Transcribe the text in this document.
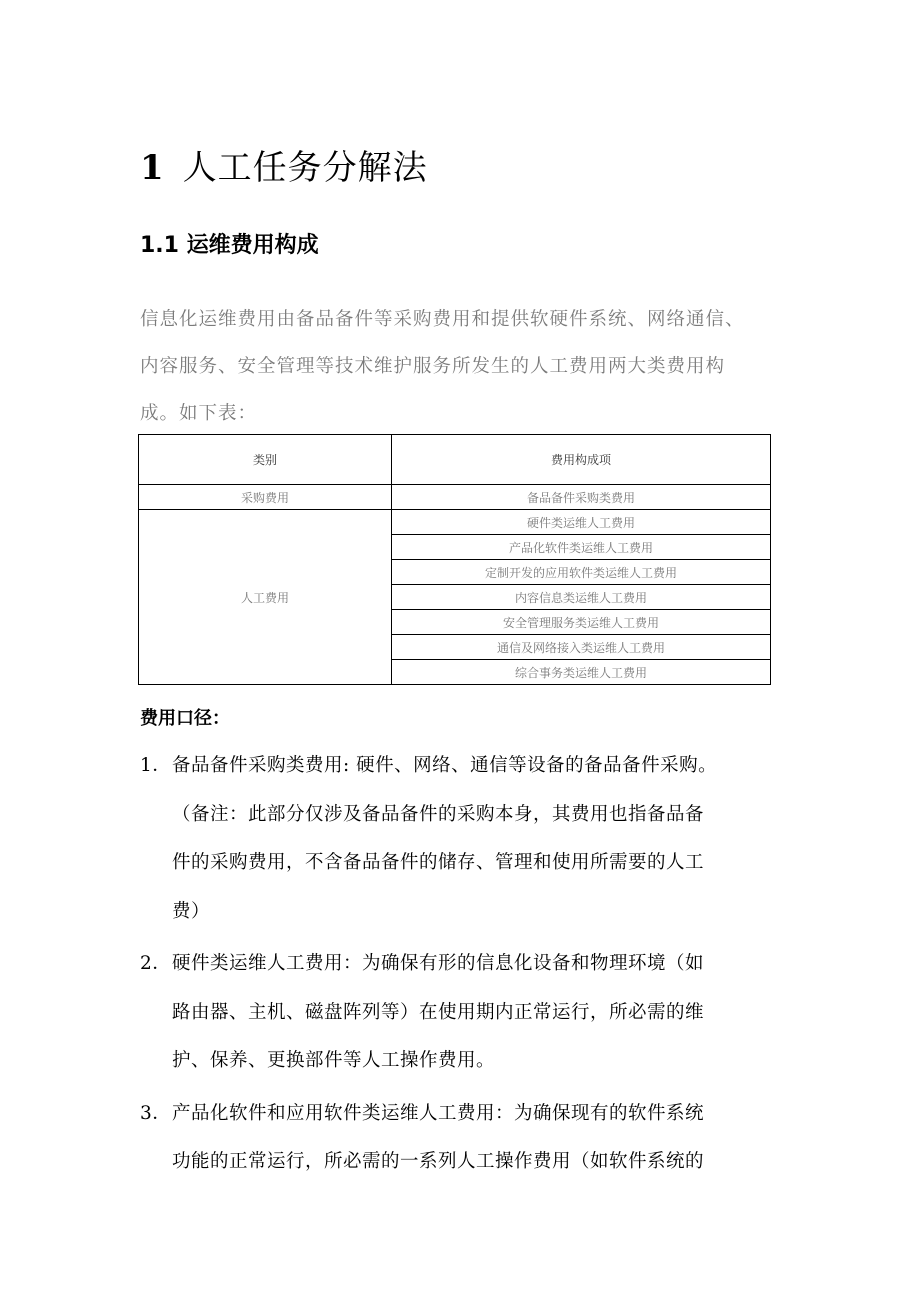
1 人工任务分解法
1.1 运维费用构成
信息化运维费用由备品备件等采购费用和提供软硬件系统、网络通信、
内容服务、安全管理等技术维护服务所发生的人工费用两大类费用构
成。如下表：
类别	费用构成项
采购费用	备品备件采购类费用
人工费用	硬件类运维人工费用
	产品化软件类运维人工费用
	定制开发的应用软件类运维人工费用
	内容信息类运维人工费用
	安全管理服务类运维人工费用
	通信及网络接入类运维人工费用
	综合事务类运维人工费用
费用口径：
1． 备品备件采购类费用: 硬件、网络、通信等设备的备品备件采购。
（备注：此部分仅涉及备品备件的采购本身，其费用也指备品备
件的采购费用，不含备品备件的储存、管理和使用所需要的人工
费）
2． 硬件类运维人工费用：为确保有形的信息化设备和物理环境（如
路由器、主机、磁盘阵列等）在使用期内正常运行，所必需的维
护、保养、更换部件等人工操作费用。
3． 产品化软件和应用软件类运维人工费用：为确保现有的软件系统
功能的正常运行，所必需的一系列人工操作费用（如软件系统的
